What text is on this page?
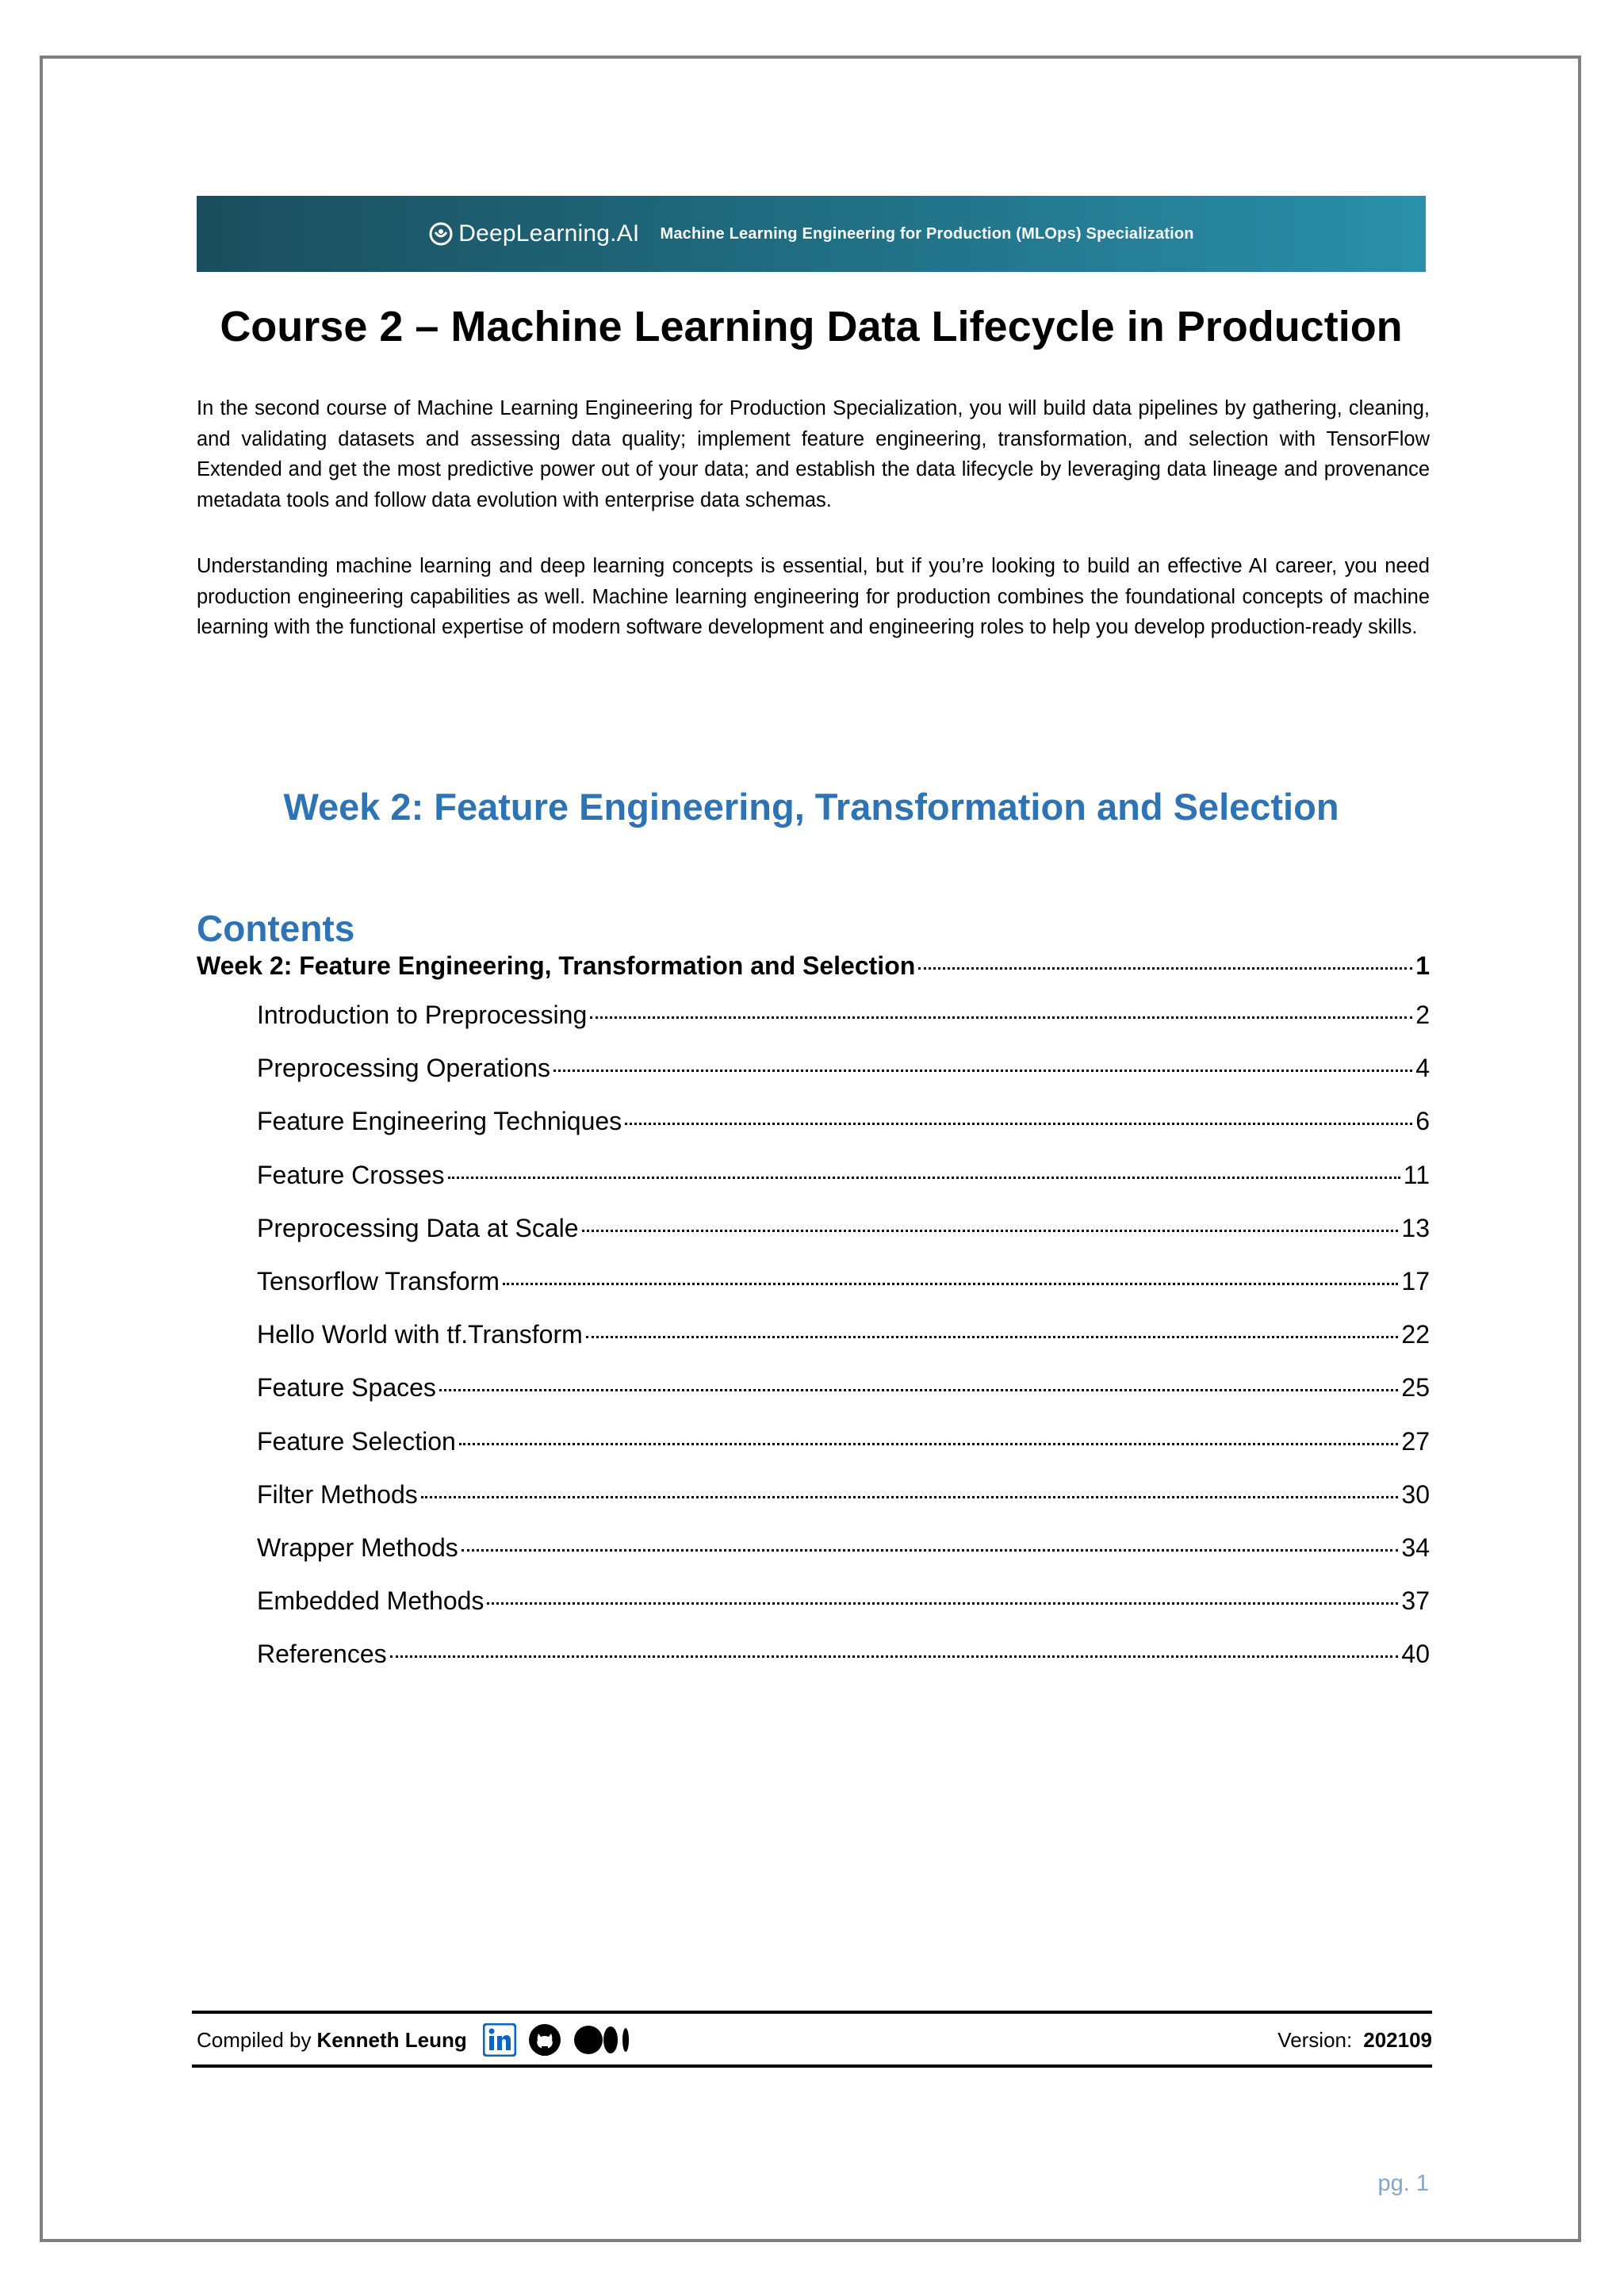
DeepLearning.AI Machine Learning Engineering for Production (MLOps) Specialization
Course 2 – Machine Learning Data Lifecycle in Production

In the second course of Machine Learning Engineering for Production Specialization, you will build data pipelines by gathering, cleaning, and validating datasets and assessing data quality; implement feature engineering, transformation, and selection with TensorFlow Extended and get the most predictive power out of your data; and establish the data lifecycle by leveraging data lineage and provenance metadata tools and follow data evolution with enterprise data schemas.

Understanding machine learning and deep learning concepts is essential, but if you’re looking to build an effective AI career, you need production engineering capabilities as well. Machine learning engineering for production combines the foundational concepts of machine learning with the functional expertise of modern software development and engineering roles to help you develop production-ready skills.

Week 2: Feature Engineering, Transformation and Selection
Contents
Week 2: Feature Engineering, Transformation and Selection	1
Introduction to Preprocessing	2
Preprocessing Operations	4
Feature Engineering Techniques	6
Feature Crosses	11
Preprocessing Data at Scale	13
Tensorflow Transform	17
Hello World with tf.Transform	22
Feature Spaces	25
Feature Selection	27
Filter Methods	30
Wrapper Methods	34
Embedded Methods	37
References	40
Compiled by Kenneth Leung	Version: 202109
pg. 1
